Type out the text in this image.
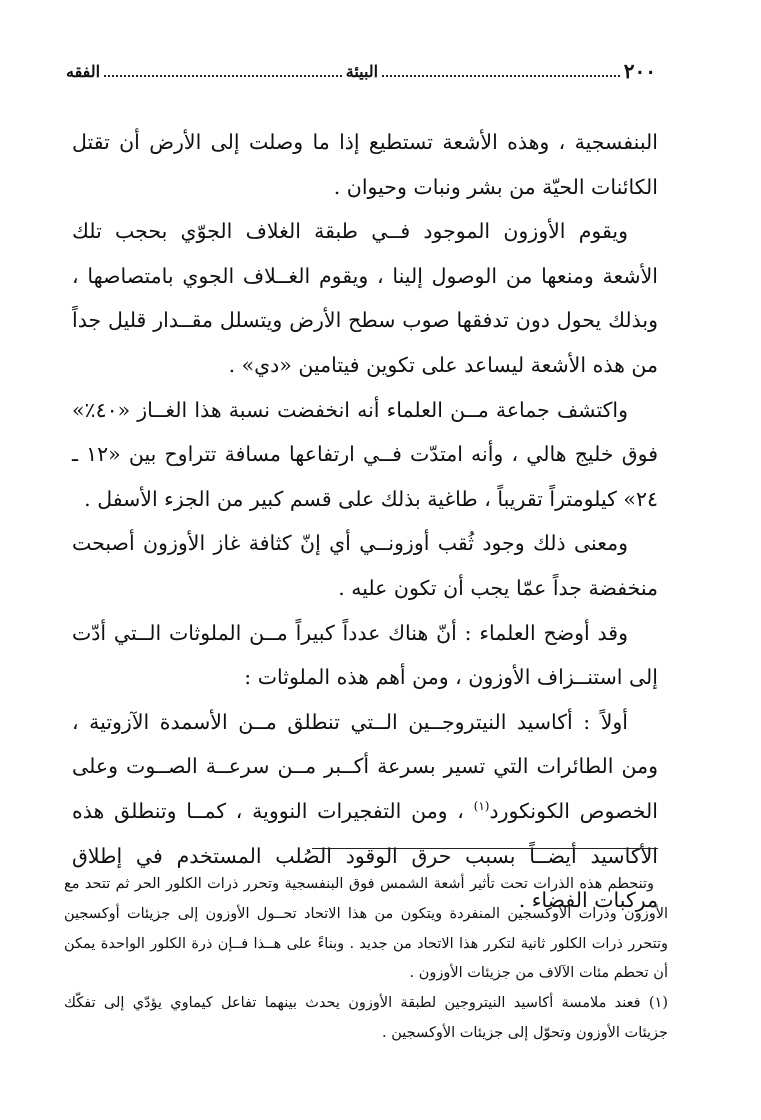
٢٠٠
البيئة
الفقه

البنفسجية ، وهذه الأشعة تستطيع إذا ما وصلت إلى الأرض أن تقتل الكائنات الحيّة من بشر ونبات وحيوان .

ويقوم الأوزون الموجود فــي طبقة الغلاف الجوّي بحجب تلك الأشعة ومنعها من الوصول إلينا ، ويقوم الغــلاف الجوي بامتصاصها ، وبذلك يحول دون تدفقها صوب سطح الأرض ويتسلل مقــدار قليل جداً من هذه الأشعة ليساعد على تكوين فيتامين «دي» .

واكتشف جماعة مــن العلماء أنه انخفضت نسبة هذا الغــاز «٤٠٪» فوق خليج هالي ، وأنه امتدّت فــي ارتفاعها مسافة تتراوح بين «١٢ ـ ٢٤» كيلومتراً تقريباً ، طاغية بذلك على قسم كبير من الجزء الأسفل .

ومعنى ذلك وجود ثُقب أوزونــي أي إنّ كثافة غاز الأوزون أصبحت منخفضة جداً عمّا يجب أن تكون عليه .

وقد أوضح العلماء : أنّ هناك عدداً كبيراً مــن الملوثات الــتي أدّت إلى استنــزاف الأوزون ، ومن أهم هذه الملوثات :

أولاً : أكاسيد النيتروجــين الــتي تنطلق مــن الأسمدة الآزوتية ، ومن الطائرات التي تسير بسرعة أكــبر مــن سرعــة الصــوت وعلى الخصوص الكونكورد$^{(١)}$ ، ومن التفجيرات النووية ، كمــا وتنطلق هذه الأكاسيد أيضــاً بسبب حرق الوقود الصُلب المستخدم في إطلاق مركبات الفضاء .

وتنحطم هذه الذرات تحت تأثير أشعة الشمس فوق البنفسجية وتحرر ذرات الكلور الحر ثم تتحد مع الأوزون وذرات الأوكسجين المنفردة ويتكون من هذا الاتحاد تحــول الأوزون إلى جزيئات أوكسجين وتتحرر ذرات الكلور ثانية لتكرر هذا الاتحاد من جديد . وبناءً على هــذا فــإن ذرة الكلور الواحدة يمكن أن تحطم مئات الآلاف من جزيئات الأوزون .

(١) فعند ملامسة أكاسيد النيتروجين لطبقة الأوزون يحدث بينهما تفاعل كيماوي يؤدّي إلى تفكّك جزيئات الأوزون وتحوّل إلى جزيئات الأوكسجين .
